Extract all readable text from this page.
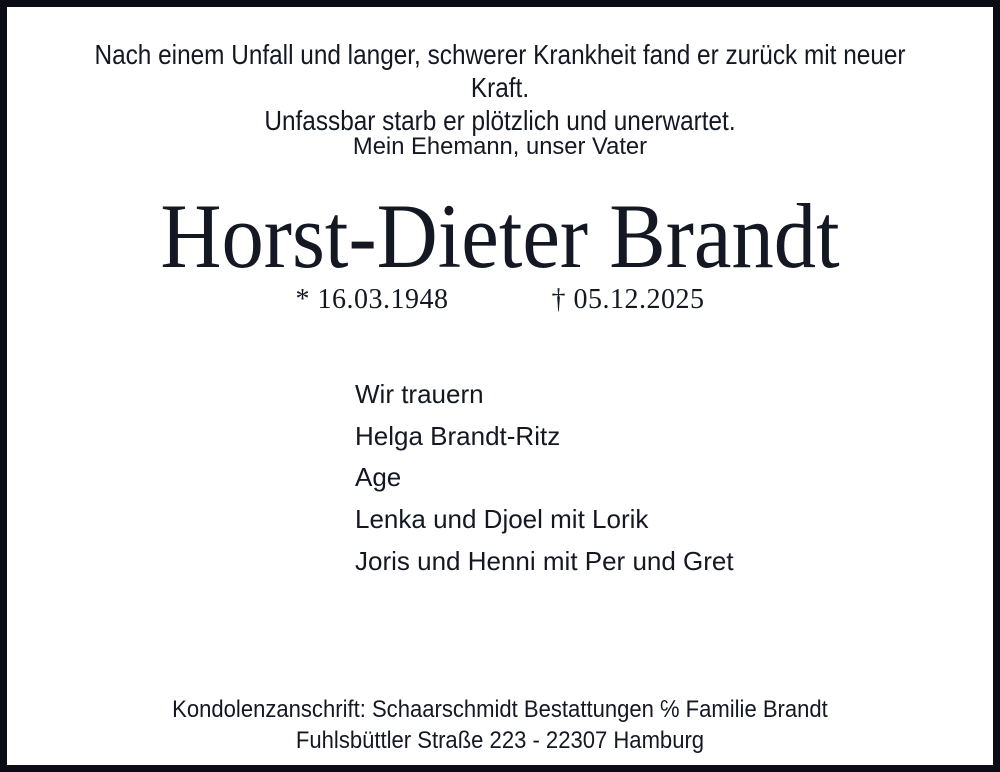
Nach einem Unfall und langer, schwerer Krankheit fand er zurück mit neuer Kraft.
Unfassbar starb er plötzlich und unerwartet.
Mein Ehemann, unser Vater
Horst-Dieter Brandt
* 16.03.1948	† 05.12.2025
Wir trauern
Helga Brandt-Ritz
Age
Lenka und Djoel mit Lorik
Joris und Henni mit Per und Gret
Kondolenzanschrift: Schaarschmidt Bestattungen ℅ Familie Brandt
Fuhlsbüttler Straße 223 - 22307 Hamburg
